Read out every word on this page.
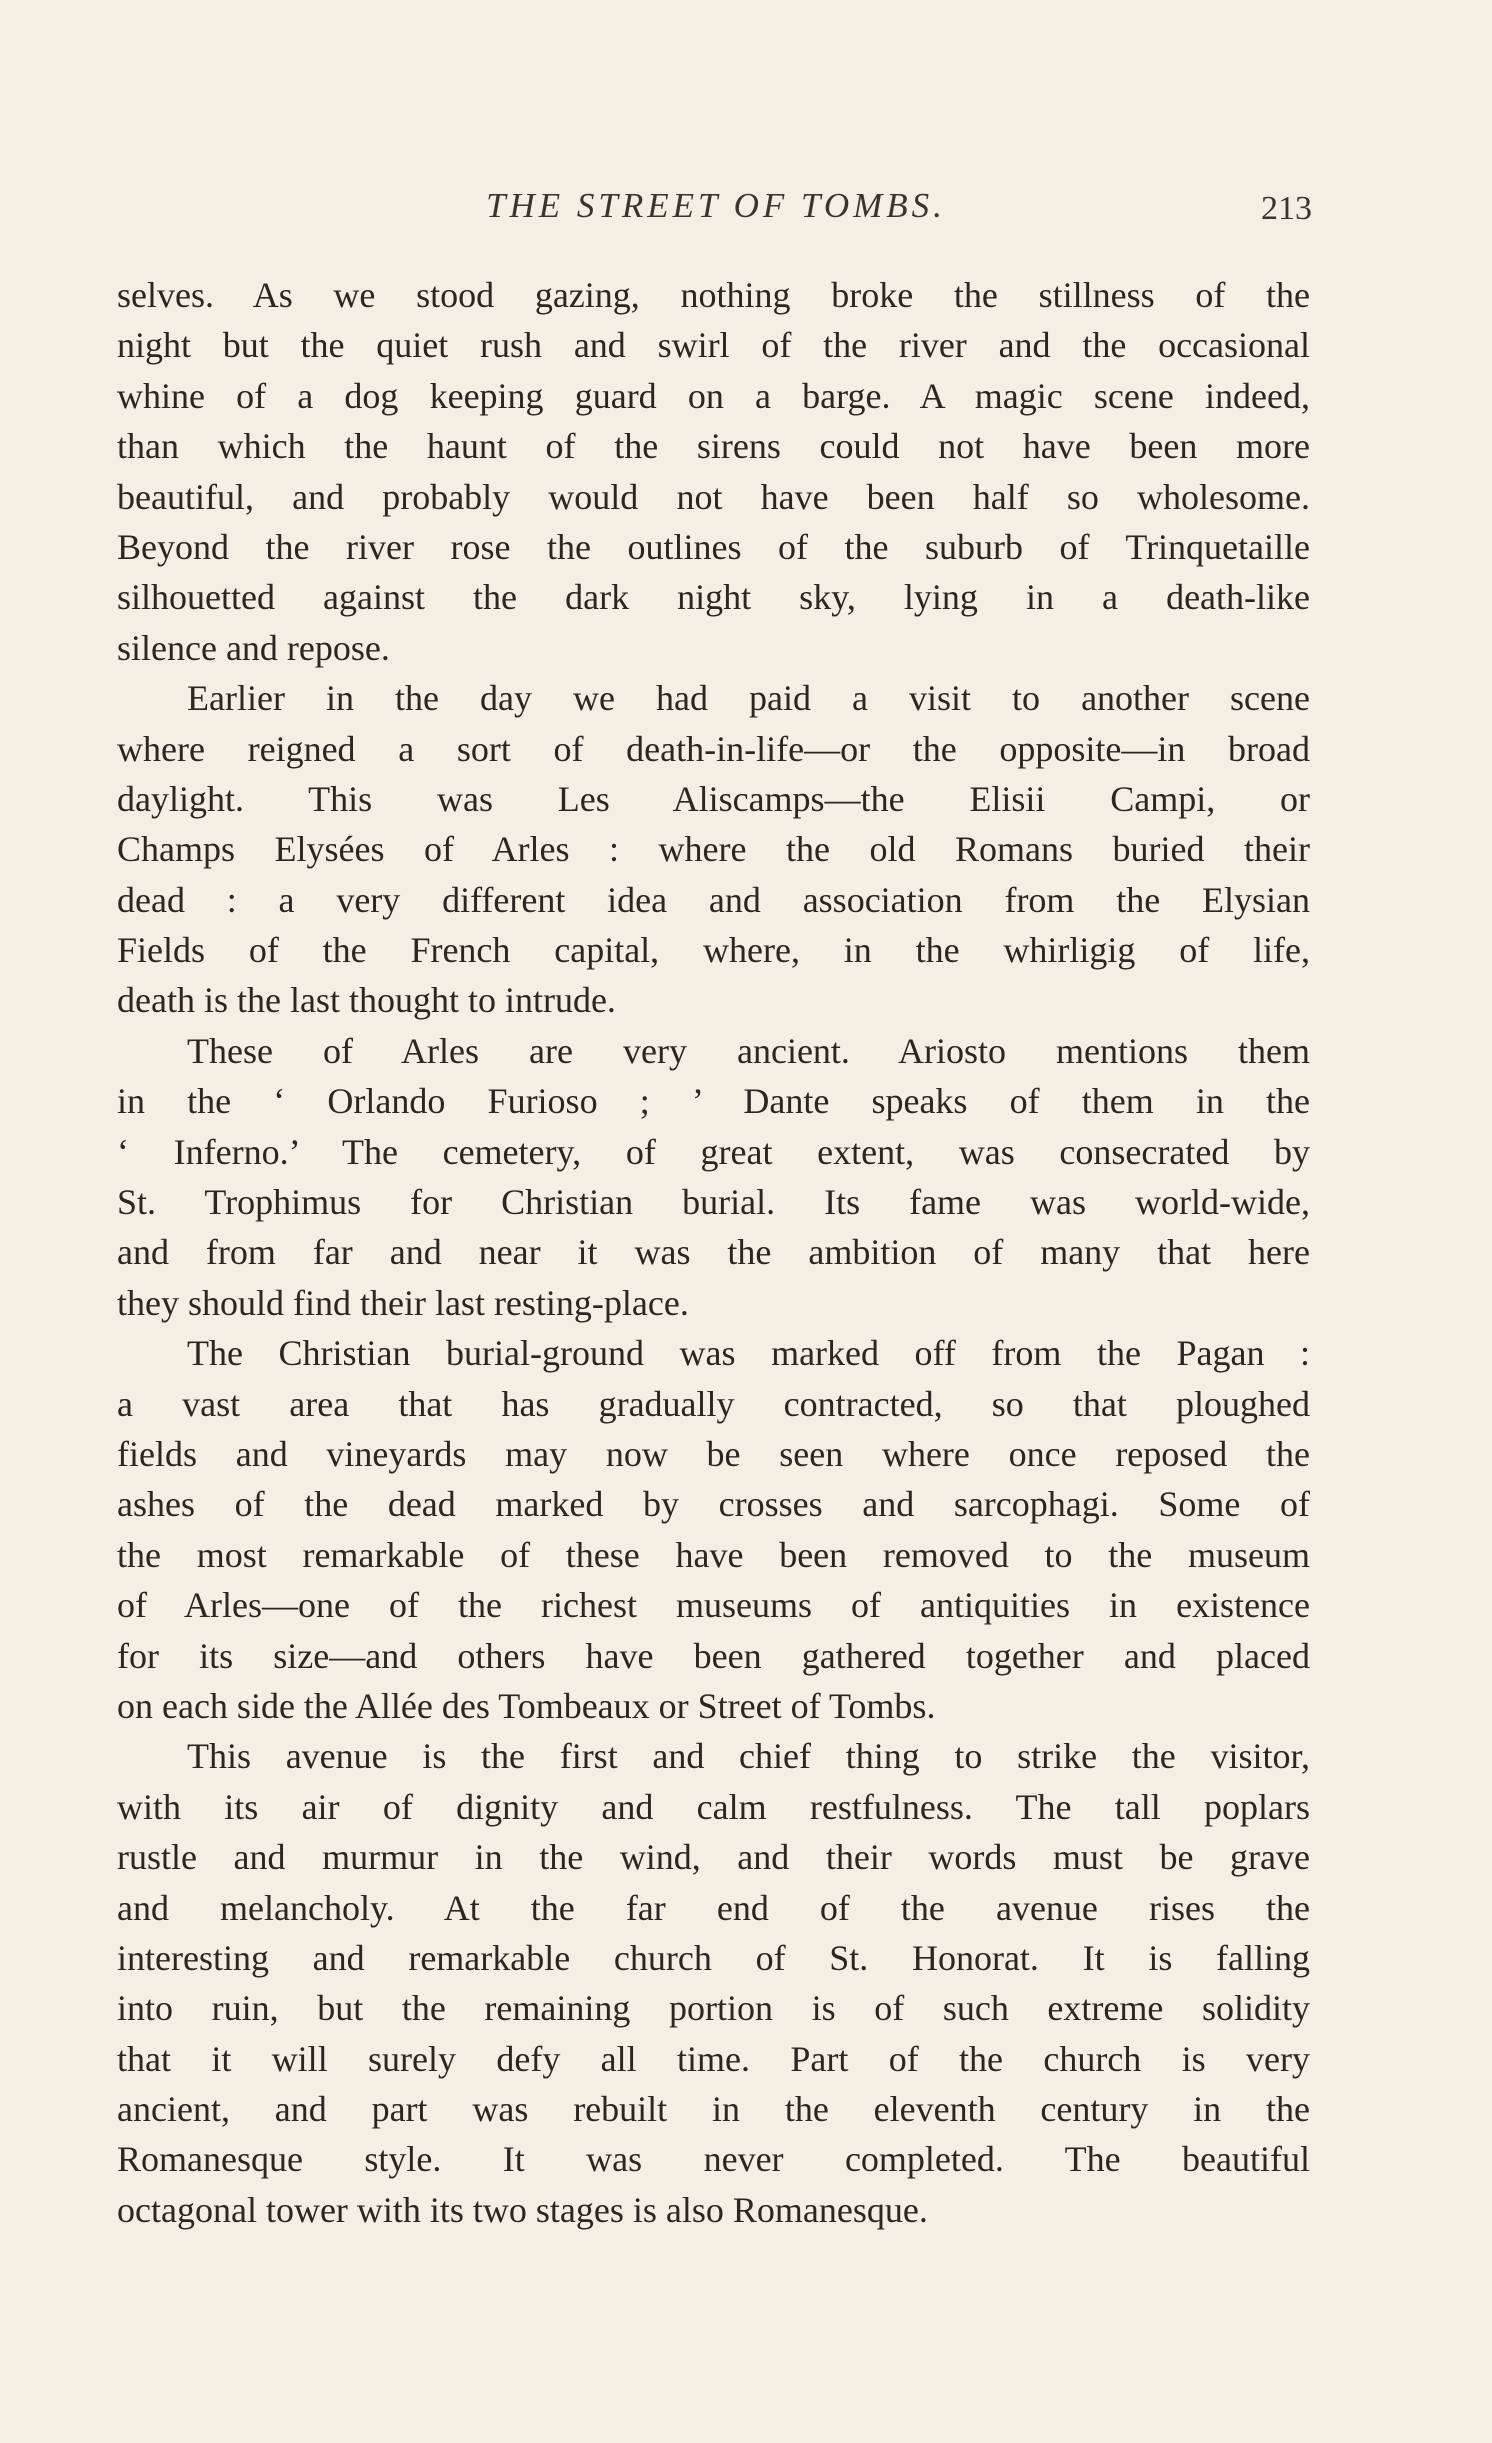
THE STREET OF TOMBS.	213
selves. As we stood gazing, nothing broke the stillness of the
night but the quiet rush and swirl of the river and the occasional
whine of a dog keeping guard on a barge. A magic scene indeed,
than which the haunt of the sirens could not have been more
beautiful, and probably would not have been half so wholesome.
Beyond the river rose the outlines of the suburb of Trinquetaille
silhouetted against the dark night sky, lying in a death-like
silence and repose.
Earlier in the day we had paid a visit to another scene
where reigned a sort of death-in-life—or the opposite—in broad
daylight. This was Les Aliscamps—the Elisii Campi, or
Champs Elysées of Arles : where the old Romans buried their
dead : a very different idea and association from the Elysian
Fields of the French capital, where, in the whirligig of life,
death is the last thought to intrude.
These of Arles are very ancient. Ariosto mentions them
in the ‘ Orlando Furioso ; ’ Dante speaks of them in the
‘ Inferno.’ The cemetery, of great extent, was consecrated by
St. Trophimus for Christian burial. Its fame was world-wide,
and from far and near it was the ambition of many that here
they should find their last resting-place.
The Christian burial-ground was marked off from the Pagan :
a vast area that has gradually contracted, so that ploughed
fields and vineyards may now be seen where once reposed the
ashes of the dead marked by crosses and sarcophagi. Some of
the most remarkable of these have been removed to the museum
of Arles—one of the richest museums of antiquities in existence
for its size—and others have been gathered together and placed
on each side the Allée des Tombeaux or Street of Tombs.
This avenue is the first and chief thing to strike the visitor,
with its air of dignity and calm restfulness. The tall poplars
rustle and murmur in the wind, and their words must be grave
and melancholy. At the far end of the avenue rises the
interesting and remarkable church of St. Honorat. It is falling
into ruin, but the remaining portion is of such extreme solidity
that it will surely defy all time. Part of the church is very
ancient, and part was rebuilt in the eleventh century in the
Romanesque style. It was never completed. The beautiful
octagonal tower with its two stages is also Romanesque.
